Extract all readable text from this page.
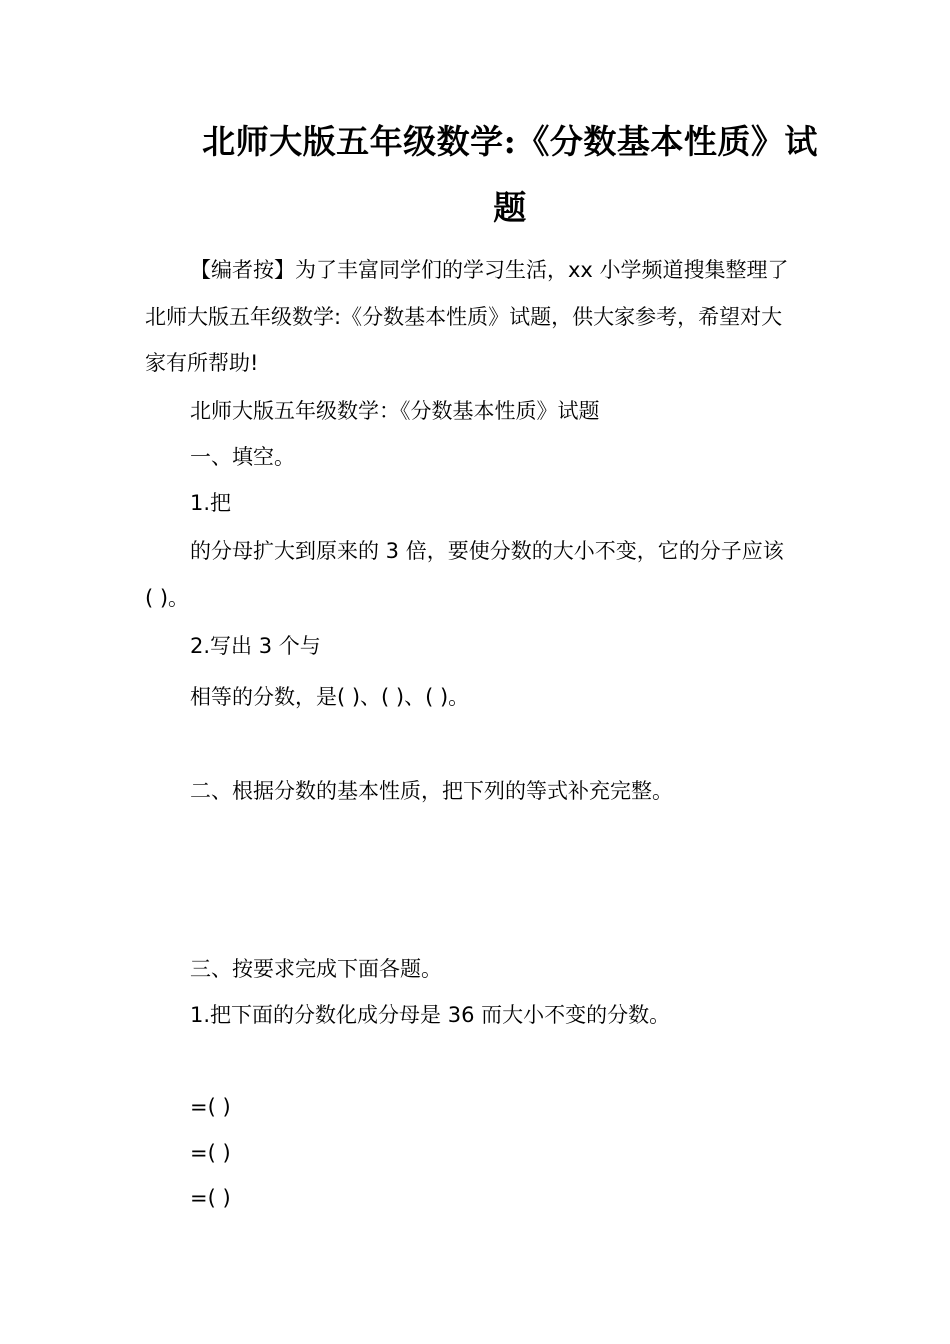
北师大版五年级数学:《分数基本性质》试
题
【编者按】为了丰富同学们的学习生活，xx 小学频道搜集整理了
北师大版五年级数学:《分数基本性质》试题，供大家参考，希望对大
家有所帮助!
北师大版五年级数学：《分数基本性质》试题
一、填空。
1.把
的分母扩大到原来的 3 倍，要使分数的大小不变，它的分子应该
( )。
2.写出 3 个与
相等的分数，是( )、( )、( )。
二、根据分数的基本性质，把下列的等式补充完整。
三、按要求完成下面各题。
1.把下面的分数化成分母是 36 而大小不变的分数。
=( )
=( )
=( )
